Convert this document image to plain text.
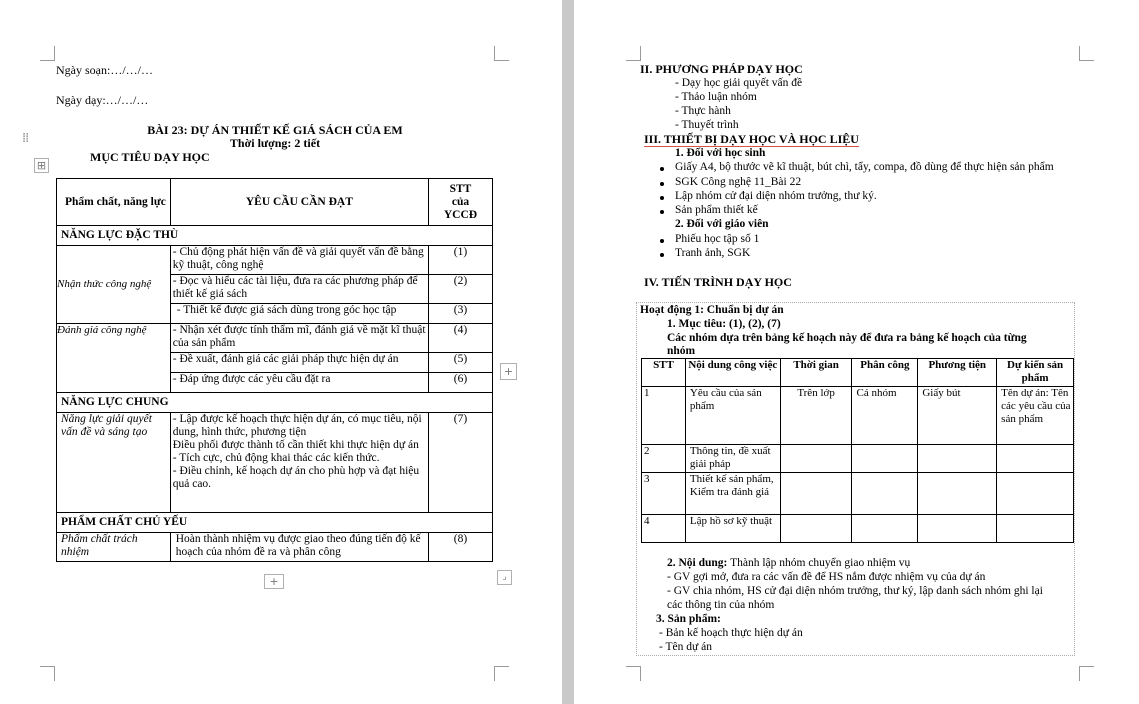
Ngày soạn:…/…/…
Ngày dạy:…/…/…
BÀI 23: DỰ ÁN THIẾT KẾ GIÁ SÁCH CỦA EM
Thời lượng: 2 tiết
⁞⁞
⊞
MỤC TIÊU DẠY HỌC
Phẩm chất, năng lực	YÊU CẦU CẦN ĐẠT	STT của YCCĐ
NĂNG LỰC ĐẶC THÙ		
Nhận thức công nghệ	- Chủ động phát hiện vấn đề và giải quyết vấn đề bằng kỹ thuật, công nghệ	(1)
	- Đọc và hiểu các tài liệu, đưa ra các phương pháp để thiết kế giá sách	(2)
	- Thiết kế được giá sách dùng trong góc học tập	(3)
Đánh giá công nghệ	- Nhận xét được tính thẩm mĩ, đánh giá về mặt kĩ thuật của sản phẩm	(4)
	- Đề xuất, đánh giá các giải pháp thực hiện dự án	(5)
	- Đáp ứng được các yêu cầu đặt ra	(6)
NĂNG LỰC CHUNG		
Năng lực giải quyết vấn đề và sáng tạo	- Lập được kế hoạch thực hiện dự án, có mục tiêu, nội dung, hình thức, phương tiện
Điều phối được thành tố cần thiết khi thực hiện dự án
- Tích cực, chủ động khai thác các kiến thức.
- Điều chỉnh, kế hoạch dự án cho phù hợp và đạt hiệu quả cao.	(7)
PHẨM CHẤT CHỦ YẾU		
Phẩm chất trách nhiệm	Hoàn thành nhiệm vụ được giao theo đúng tiến độ kế hoạch của nhóm đề ra và phân công	(8)
+
+	⌟
II. PHƯƠNG PHÁP DẠY HỌC
- Dạy học giải quyết vấn đề
- Thảo luận nhóm
- Thực hành
- Thuyết trình
III. THIẾT BỊ DẠY HỌC VÀ HỌC LIỆU
1. Đối với học sinh
Giấy A4, bộ thước vẽ kĩ thuật, bút chì, tẩy, compa, đồ dùng để thực hiện sản phẩm
SGK Công nghệ 11_Bài 22
Lập nhóm cử đại diện nhóm trưởng, thư ký.
Sản phẩm thiết kế
2. Đối với giáo viên
Phiếu học tập số 1
Tranh ảnh, SGK
IV. TIẾN TRÌNH DẠY HỌC
Hoạt động 1: Chuẩn bị dự án
1. Mục tiêu: (1), (2), (7)
Các nhóm dựa trên bảng kế hoạch này để đưa ra bảng kế hoạch của từng
nhóm
STT	Nội dung công việc	Thời gian	Phân công	Phương tiện	Dự kiến sản phẩm
1	Yêu cầu của sản phẩm	Trên lớp	Cá nhóm	Giấy bút	Tên dự án: Tên các yêu cầu của sản phẩm
2	Thông tin, đề xuất giải pháp				
3	Thiết kế sản phẩm, Kiểm tra đánh giá				
4	Lập hồ sơ kỹ thuật				
2. Nội dung: Thành lập nhóm chuyển giao nhiệm vụ
- GV gợi mở, đưa ra các vấn đề để HS nắm được nhiệm vụ của dự án
- GV chia nhóm, HS cử đại diện nhóm trưởng, thư ký, lập danh sách nhóm ghi lại
các thông tin của nhóm
3. Sản phẩm:
- Bản kế hoạch thực hiện dự án
- Tên dự án
